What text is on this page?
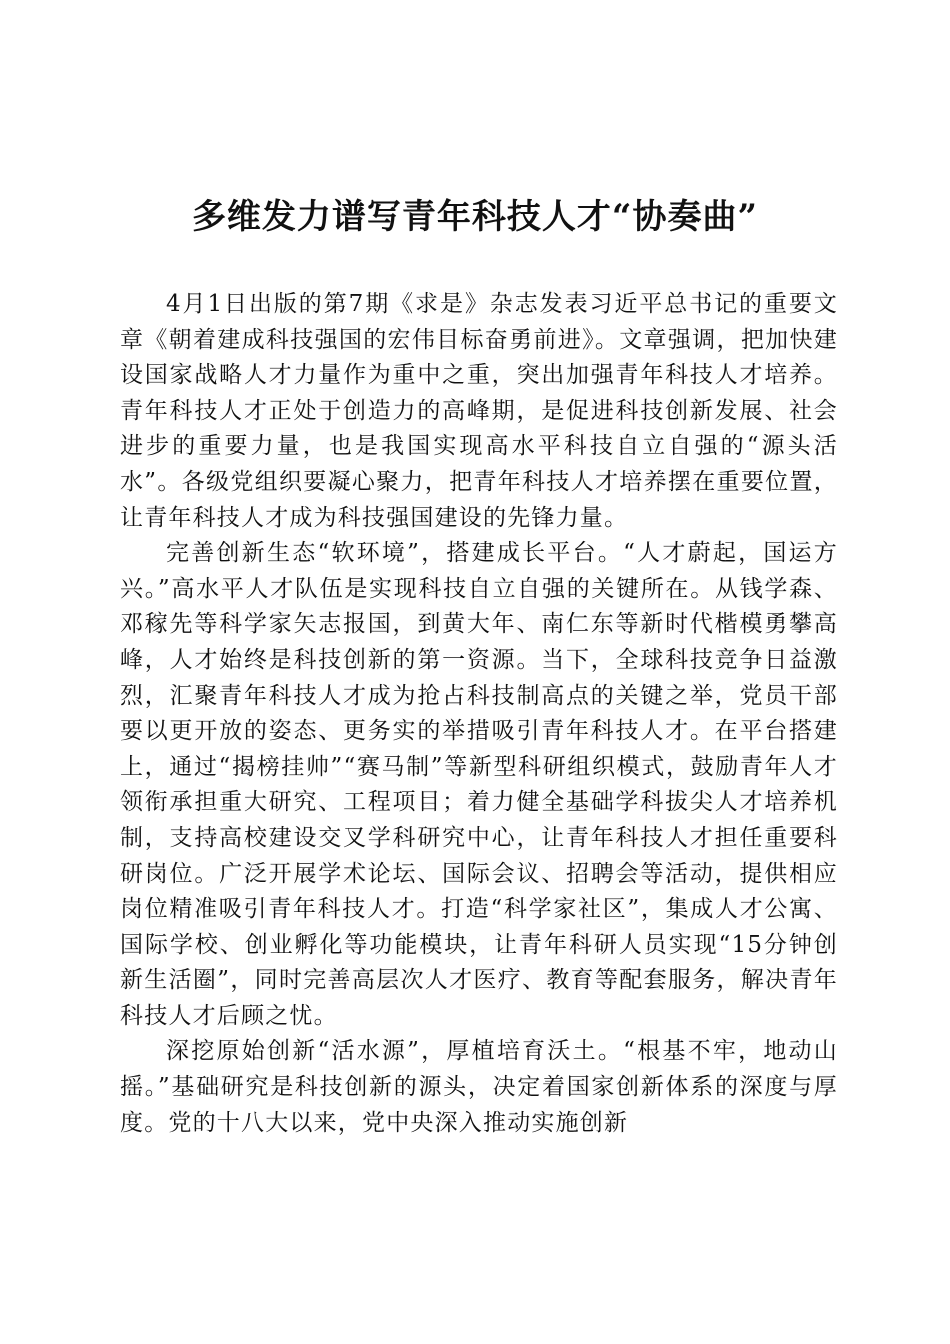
多维发力谱写青年科技人才“协奏曲”

4月1日出版的第7期《求是》杂志发表习近平总书记的重要文章《朝着建成科技强国的宏伟目标奋勇前进》。文章强调，把加快建设国家战略人才力量作为重中之重，突出加强青年科技人才培养。青年科技人才正处于创造力的高峰期，是促进科技创新发展、社会进步的重要力量，也是我国实现高水平科技自立自强的“源头活水”。各级党组织要凝心聚力，把青年科技人才培养摆在重要位置，让青年科技人才成为科技强国建设的先锋力量。

完善创新生态“软环境”，搭建成长平台。“人才蔚起，国运方兴。”高水平人才队伍是实现科技自立自强的关键所在。从钱学森、邓稼先等科学家矢志报国，到黄大年、南仁东等新时代楷模勇攀高峰，人才始终是科技创新的第一资源。当下，全球科技竞争日益激烈，汇聚青年科技人才成为抢占科技制高点的关键之举，党员干部要以更开放的姿态、更务实的举措吸引青年科技人才。在平台搭建上，通过“揭榜挂帅”“赛马制”等新型科研组织模式，鼓励青年人才领衔承担重大研究、工程项目；着力健全基础学科拔尖人才培养机制，支持高校建设交叉学科研究中心，让青年科技人才担任重要科研岗位。广泛开展学术论坛、国际会议、招聘会等活动，提供相应岗位精准吸引青年科技人才。打造“科学家社区”，集成人才公寓、国际学校、创业孵化等功能模块，让青年科研人员实现“15分钟创新生活圈”，同时完善高层次人才医疗、教育等配套服务，解决青年科技人才后顾之忧。

深挖原始创新“活水源”，厚植培育沃土。“根基不牢，地动山摇。”基础研究是科技创新的源头，决定着国家创新体系的深度与厚度。党的十八大以来，党中央深入推动实施创新
